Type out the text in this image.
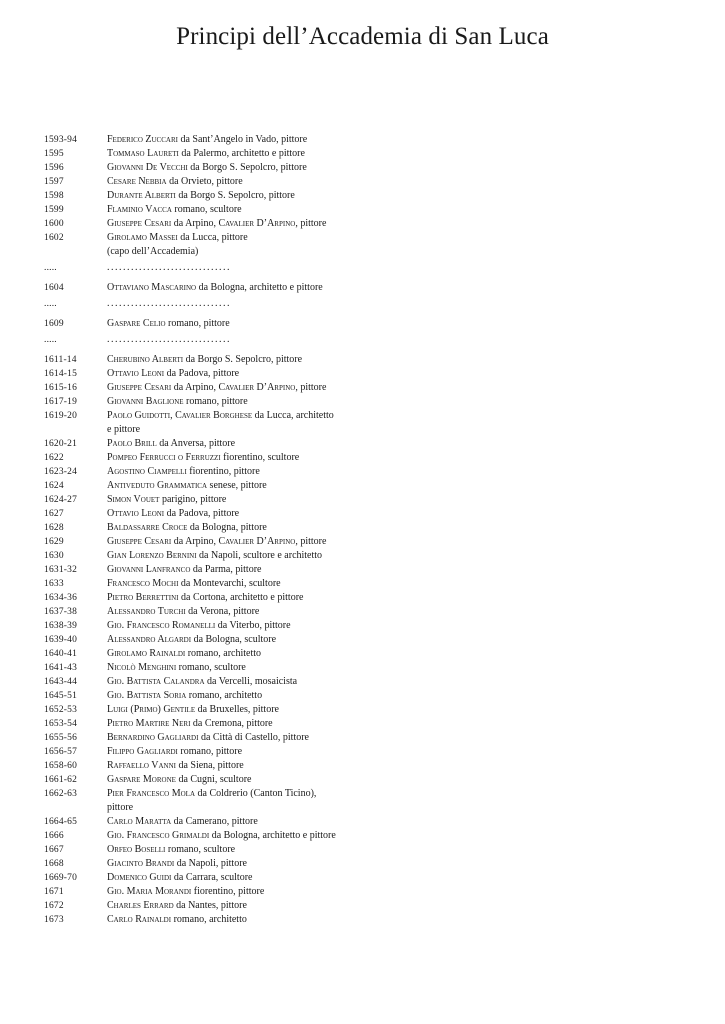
Principi dell’Accademia di San Luca
1593-94	Federico Zuccari da Sant’Angelo in Vado, pittore
1595	Tommaso Laureti da Palermo, architetto e pittore
1596	Giovanni De Vecchi da Borgo S. Sepolcro, pittore
1597	Cesare Nebbia da Orvieto, pittore
1598	Durante Alberti da Borgo S. Sepolcro, pittore
1599	Flaminio Vacca romano, scultore
1600	Giuseppe Cesari da Arpino, Cavalier D’Arpino, pittore
1602	Girolamo Massei da Lucca, pittore
(capo dell’Accademia)
.....	...............................
1604	Ottaviano Mascarino da Bologna, architetto e pittore
.....	...............................
1609	Gaspare Celio romano, pittore
.....	...............................
1611-14	Cherubino Alberti da Borgo S. Sepolcro, pittore
1614-15	Ottavio Leoni da Padova, pittore
1615-16	Giuseppe Cesari da Arpino, Cavalier D’Arpino, pittore
1617-19	Giovanni Baglione romano, pittore
1619-20	Paolo Guidotti, Cavalier Borghese da Lucca, architetto e pittore
1620-21	Paolo Brill da Anversa, pittore
1622	Pompeo Ferrucci o Ferruzzi fiorentino, scultore
1623-24	Agostino Ciampelli fiorentino, pittore
1624	Antiveduto Grammatica senese, pittore
1624-27	Simon Vouet parigino, pittore
1627	Ottavio Leoni da Padova, pittore
1628	Baldassarre Croce da Bologna, pittore
1629	Giuseppe Cesari da Arpino, Cavalier D’Arpino, pittore
1630	Gian Lorenzo Bernini da Napoli, scultore e architetto
1631-32	Giovanni Lanfranco da Parma, pittore
1633	Francesco Mochi da Montevarchi, scultore
1634-36	Pietro Berrettini da Cortona, architetto e pittore
1637-38	Alessandro Turchi da Verona, pittore
1638-39	Gio. Francesco Romanelli da Viterbo, pittore
1639-40	Alessandro Algardi da Bologna, scultore
1640-41	Girolamo Rainaldi romano, architetto
1641-43	Nicolò Menghini romano, scultore
1643-44	Gio. Battista Calandra da Vercelli, mosaicista
1645-51	Gio. Battista Soria romano, architetto
1652-53	Luigi (Primo) Gentile da Bruxelles, pittore
1653-54	Pietro Martire Neri da Cremona, pittore
1655-56	Bernardino Gagliardi da Città di Castello, pittore
1656-57	Filippo Gagliardi romano, pittore
1658-60	Raffaello Vanni da Siena, pittore
1661-62	Gaspare Morone da Cugni, scultore
1662-63	Pier Francesco Mola da Coldrerio (Canton Ticino), pittore
1664-65	Carlo Maratta da Camerano, pittore
1666	Gio. Francesco Grimaldi da Bologna, architetto e pittore
1667	Orfeo Boselli romano, scultore
1668	Giacinto Brandi da Napoli, pittore
1669-70	Domenico Guidi da Carrara, scultore
1671	Gio. Maria Morandi fiorentino, pittore
1672	Charles Errard da Nantes, pittore
1673	Carlo Rainaldi romano, architetto
